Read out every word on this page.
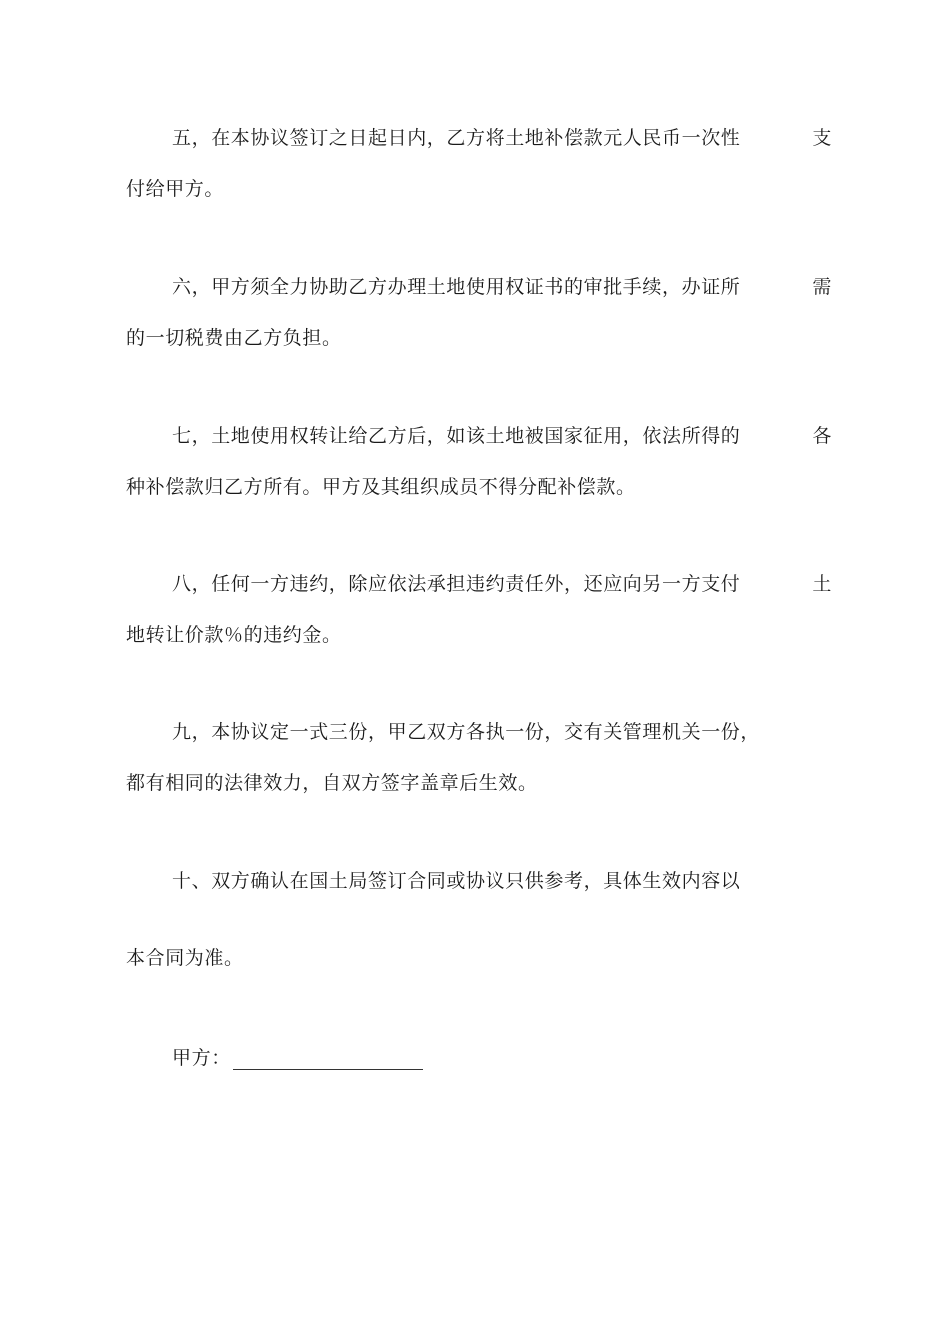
五，在本协议签订之日起日内，乙方将土地补偿款元人民币一次性	支
付给甲方。
六，甲方须全力协助乙方办理土地使用权证书的审批手续，办证所	需
的一切税费由乙方负担。
七，土地使用权转让给乙方后，如该土地被国家征用，依法所得的	各
种补偿款归乙方所有。甲方及其组织成员不得分配补偿款。
八，任何一方违约，除应依法承担违约责任外，还应向另一方支付	土
地转让价款％的违约金。
九，本协议定一式三份，甲乙双方各执一份，交有关管理机关一份，
都有相同的法律效力，自双方签字盖章后生效。
十、双方确认在国土局签订合同或协议只供参考，具体生效内容以
本合同为准。
甲方：
